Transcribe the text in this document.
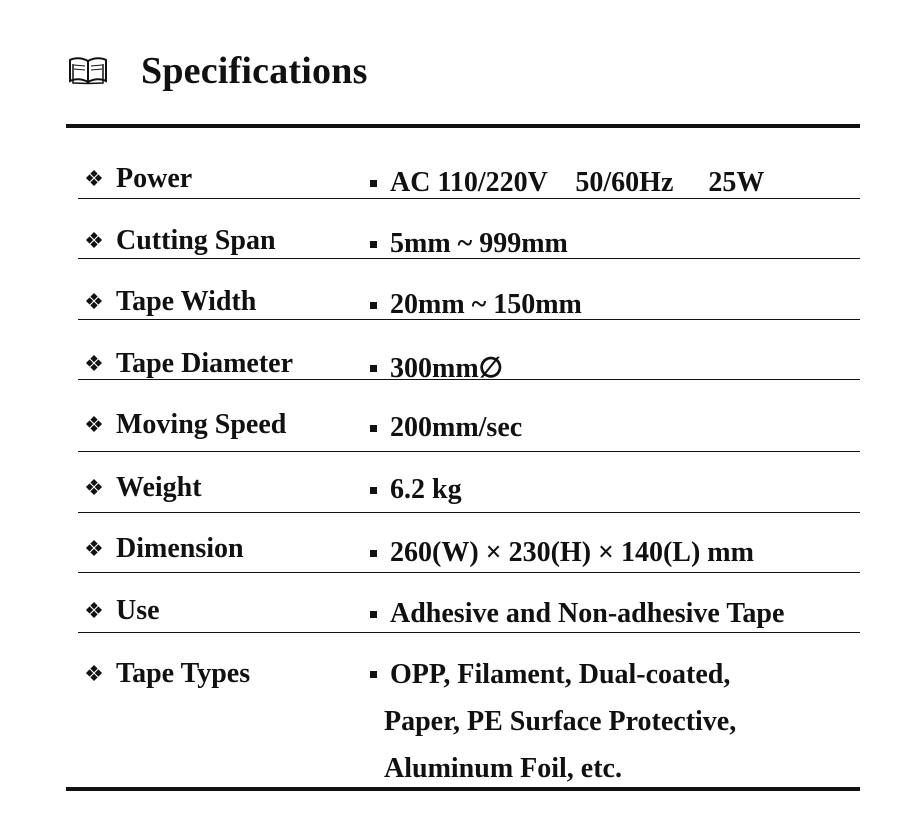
Specifications
❖ Power	AC 110/220V    50/60Hz     25W
❖ Cutting Span	5mm ~ 999mm
❖ Tape Width	20mm ~ 150mm
❖ Tape Diameter	300mm∅
❖ Moving Speed	200mm/sec
❖ Weight	6.2 kg
❖ Dimension	260(W) × 230(H) × 140(L) mm
❖ Use	Adhesive and Non-adhesive Tape
❖ Tape Types	OPP, Filament, Dual-coated,
Paper, PE Surface Protective,
Aluminum Foil, etc.
